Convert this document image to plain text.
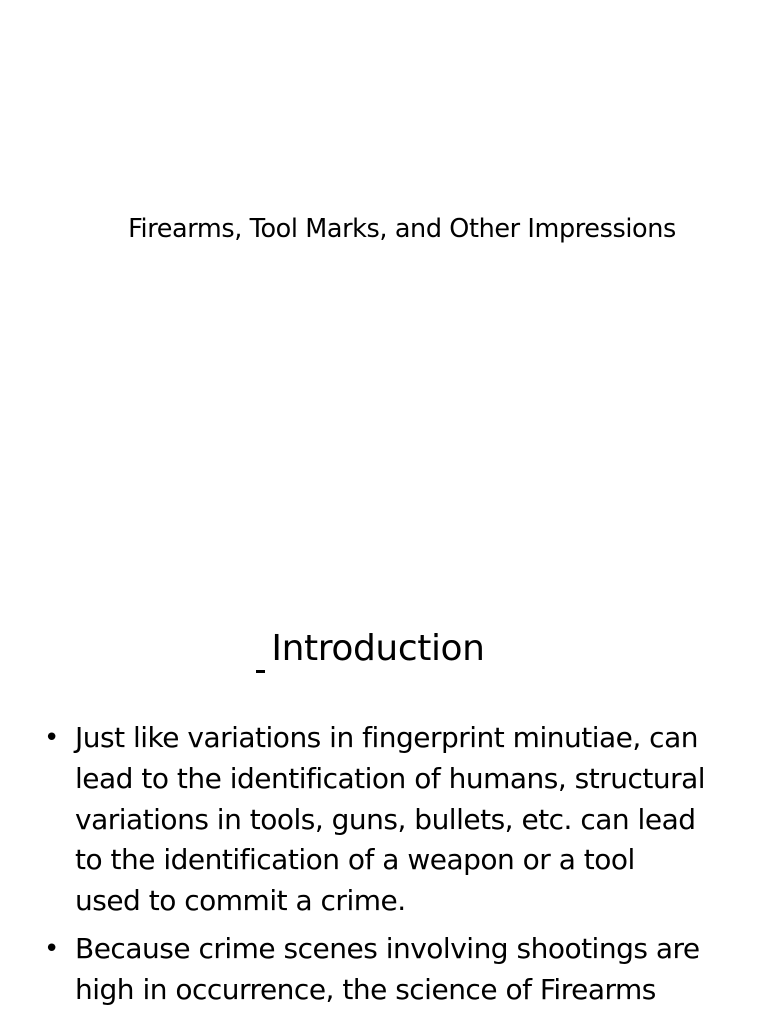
Firearms, Tool Marks, and Other Impressions
Introduction
• Just like variations in fingerprint minutiae, can
lead to the identification of humans, structural
variations in tools, guns, bullets, etc. can lead
to the identification of a weapon or a tool
used to commit a crime.
• Because crime scenes involving shootings are
high in occurrence, the science of Firearms
